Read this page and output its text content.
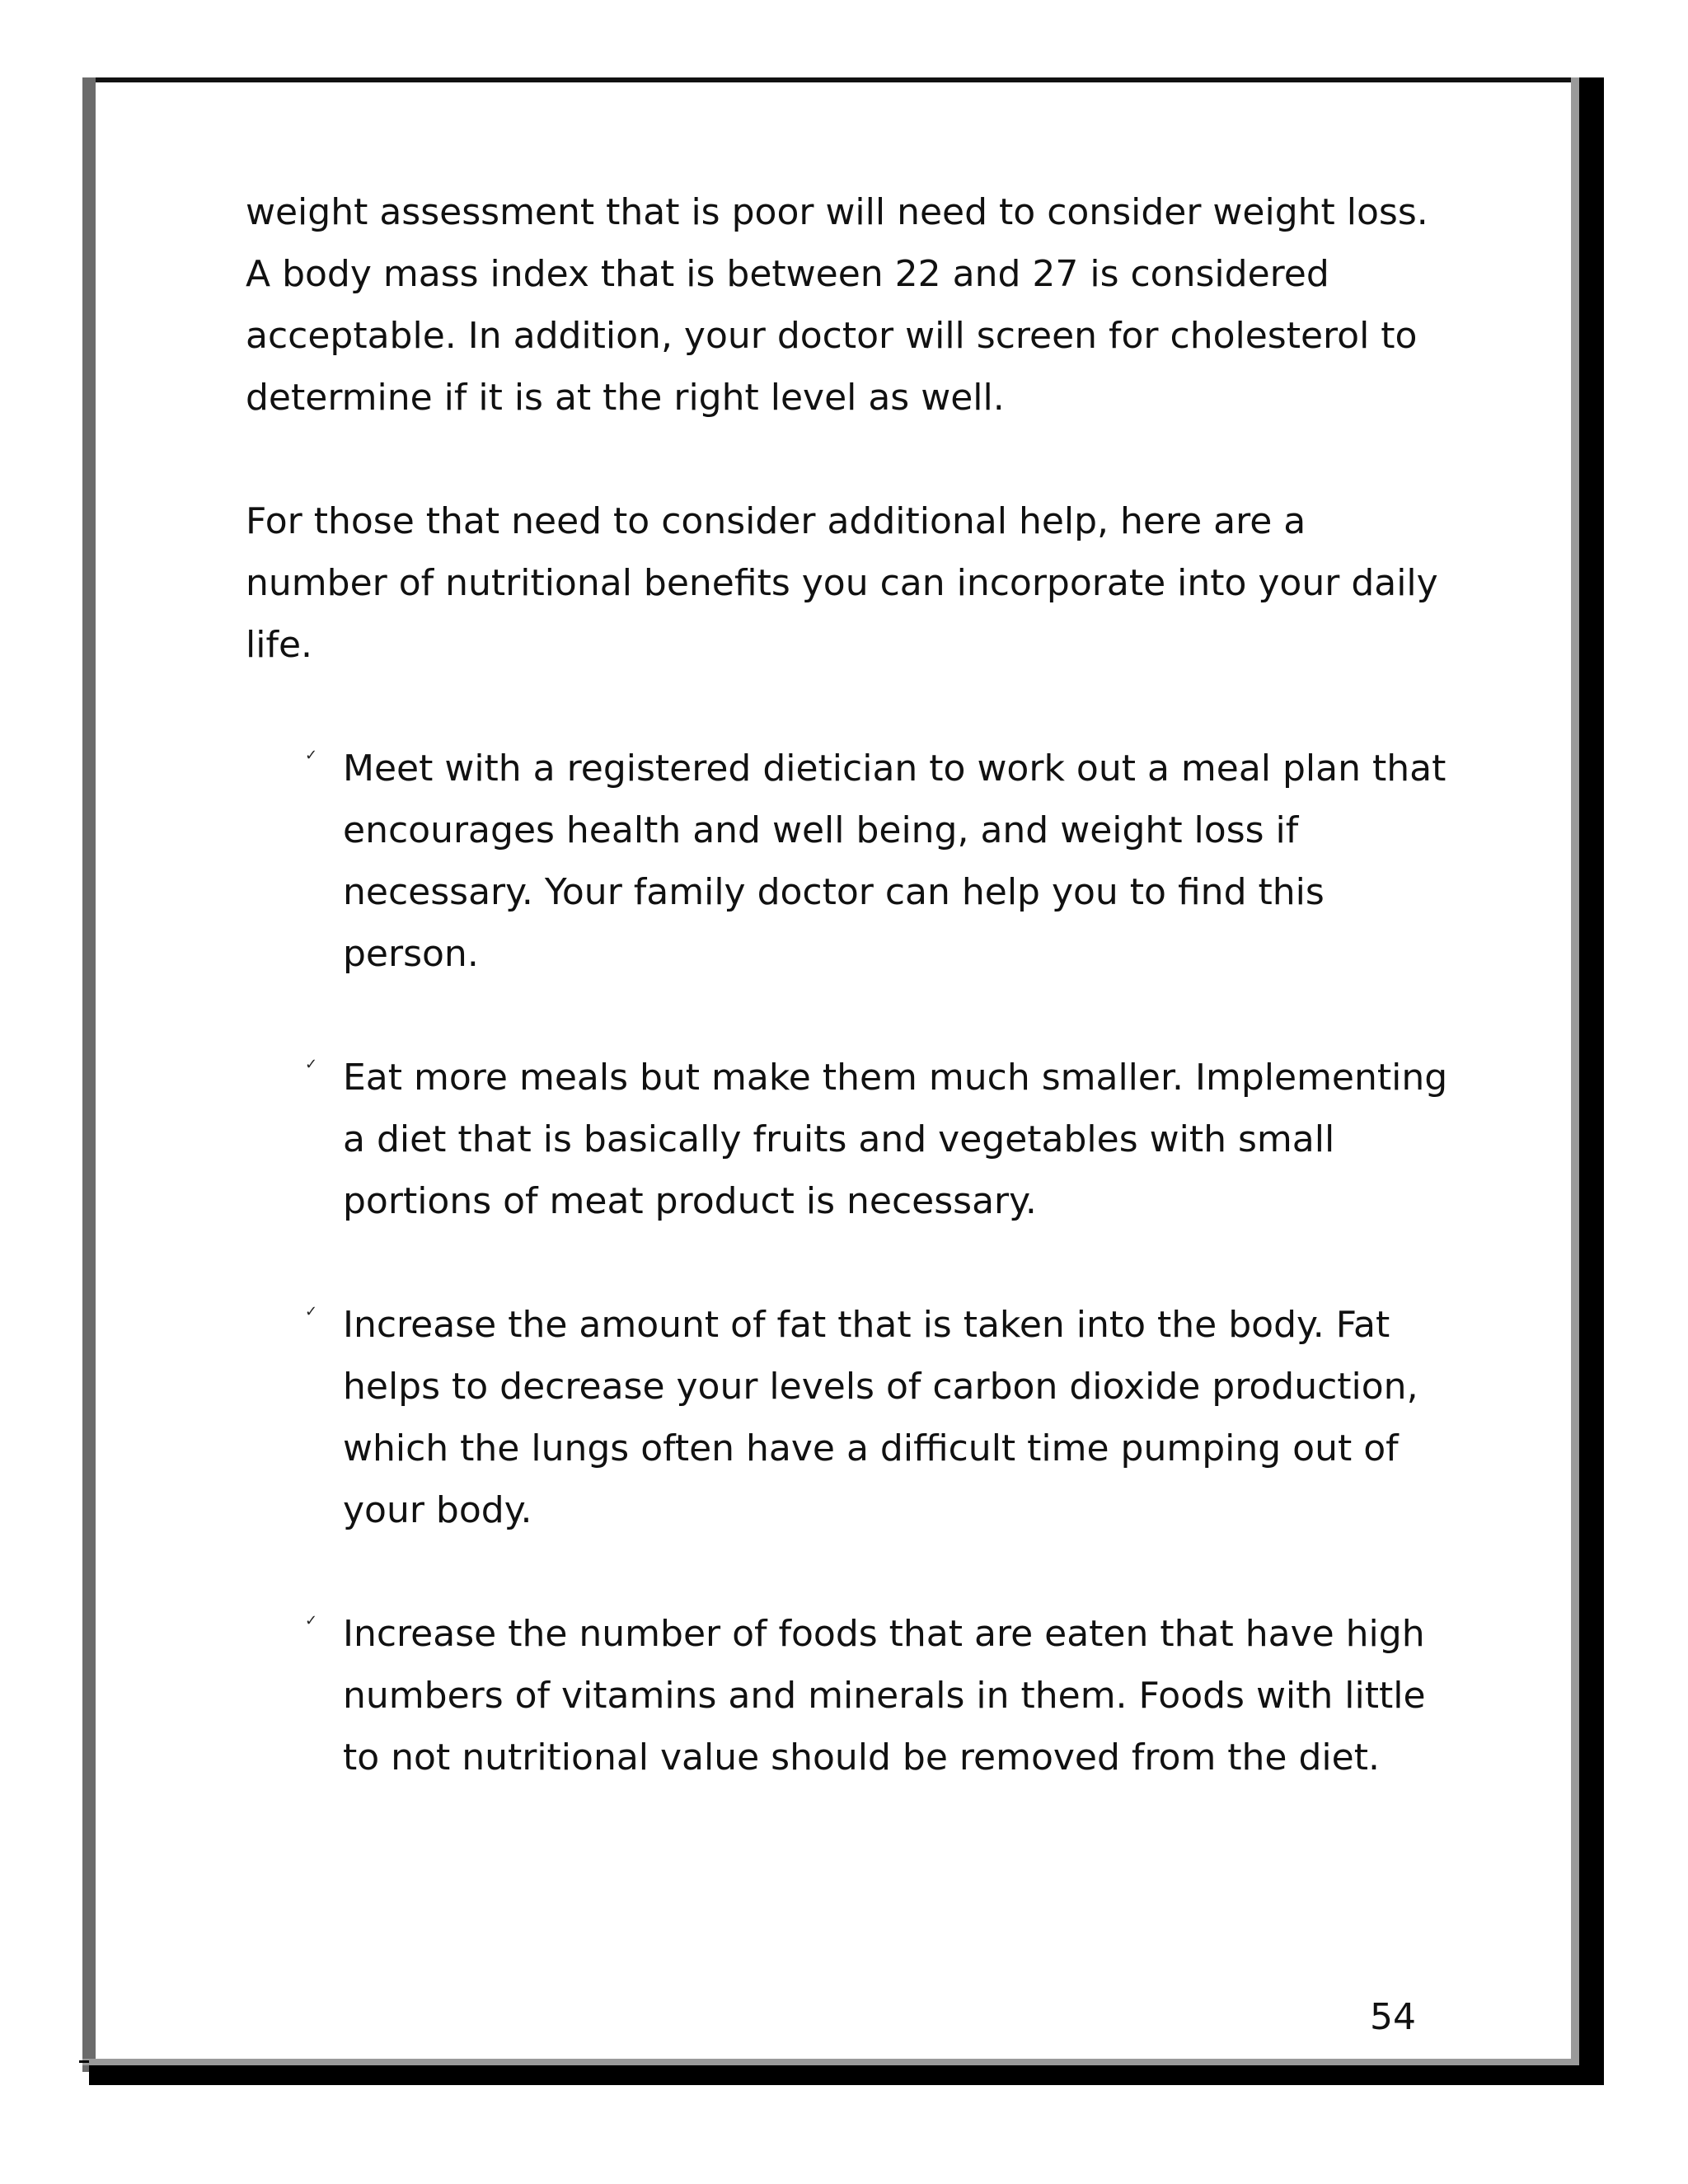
weight assessment that is poor will need to consider weight loss. A body mass index that is between 22 and 27 is considered acceptable. In addition, your doctor will screen for cholesterol to determine if it is at the right level as well.

For those that need to consider additional help, here are a number of nutritional benefits you can incorporate into your daily life.

✓ Meet with a registered dietician to work out a meal plan that encourages health and well being, and weight loss if necessary. Your family doctor can help you to find this person.
✓ Eat more meals but make them much smaller. Implementing a diet that is basically fruits and vegetables with small portions of meat product is necessary.
✓ Increase the amount of fat that is taken into the body. Fat helps to decrease your levels of carbon dioxide production, which the lungs often have a difficult time pumping out of your body.
✓ Increase the number of foods that are eaten that have high numbers of vitamins and minerals in them. Foods with little to not nutritional value should be removed from the diet.
54
